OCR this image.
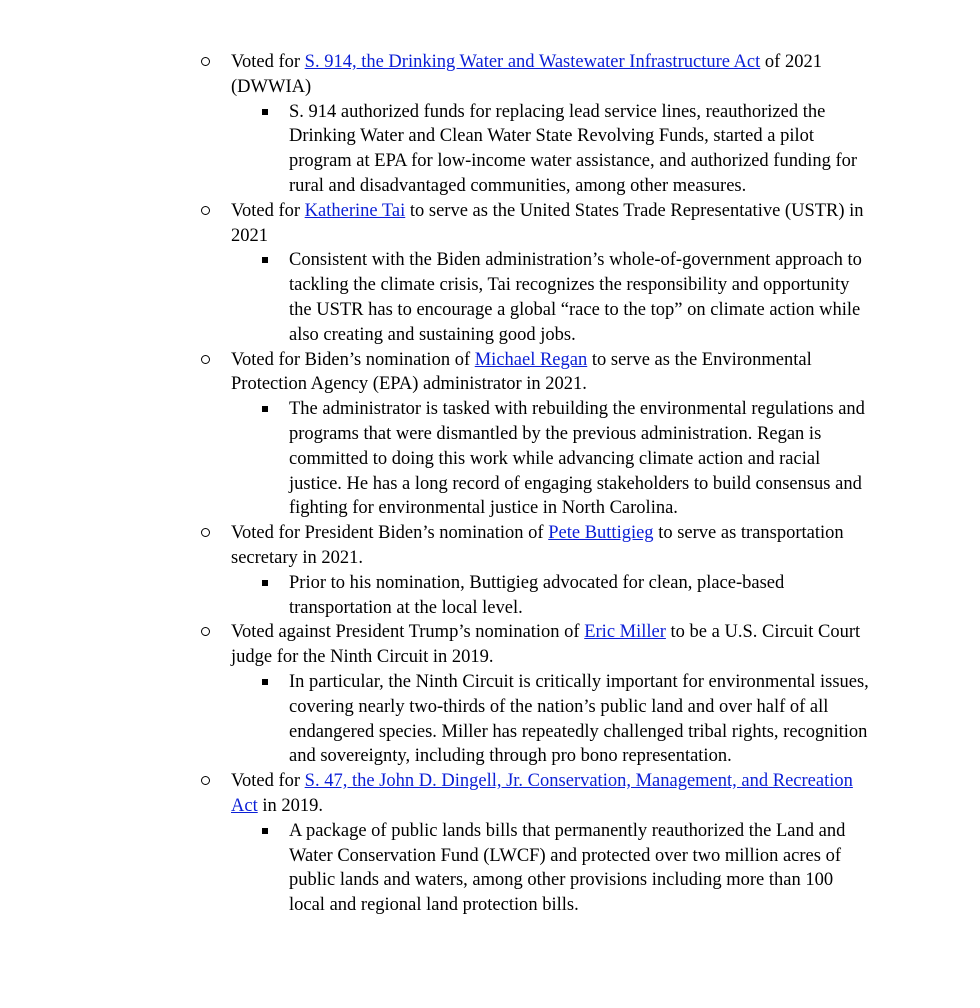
Voted for S. 914, the Drinking Water and Wastewater Infrastructure Act of 2021 (DWWIA)
S. 914 authorized funds for replacing lead service lines, reauthorized the Drinking Water and Clean Water State Revolving Funds, started a pilot program at EPA for low-income water assistance, and authorized funding for rural and disadvantaged communities, among other measures.
Voted for Katherine Tai to serve as the United States Trade Representative (USTR) in 2021
Consistent with the Biden administration’s whole-of-government approach to tackling the climate crisis, Tai recognizes the responsibility and opportunity the USTR has to encourage a global “race to the top” on climate action while also creating and sustaining good jobs.
Voted for Biden’s nomination of Michael Regan to serve as the Environmental Protection Agency (EPA) administrator in 2021.
The administrator is tasked with rebuilding the environmental regulations and programs that were dismantled by the previous administration. Regan is committed to doing this work while advancing climate action and racial justice. He has a long record of engaging stakeholders to build consensus and fighting for environmental justice in North Carolina.
Voted for President Biden’s nomination of Pete Buttigieg to serve as transportation secretary in 2021.
Prior to his nomination, Buttigieg advocated for clean, place-based transportation at the local level.
Voted against President Trump’s nomination of Eric Miller to be a U.S. Circuit Court judge for the Ninth Circuit in 2019.
In particular, the Ninth Circuit is critically important for environmental issues, covering nearly two-thirds of the nation’s public land and over half of all endangered species. Miller has repeatedly challenged tribal rights, recognition and sovereignty, including through pro bono representation.
Voted for S. 47, the John D. Dingell, Jr. Conservation, Management, and Recreation Act in 2019.
A package of public lands bills that permanently reauthorized the Land and Water Conservation Fund (LWCF) and protected over two million acres of public lands and waters, among other provisions including more than 100 local and regional land protection bills.
